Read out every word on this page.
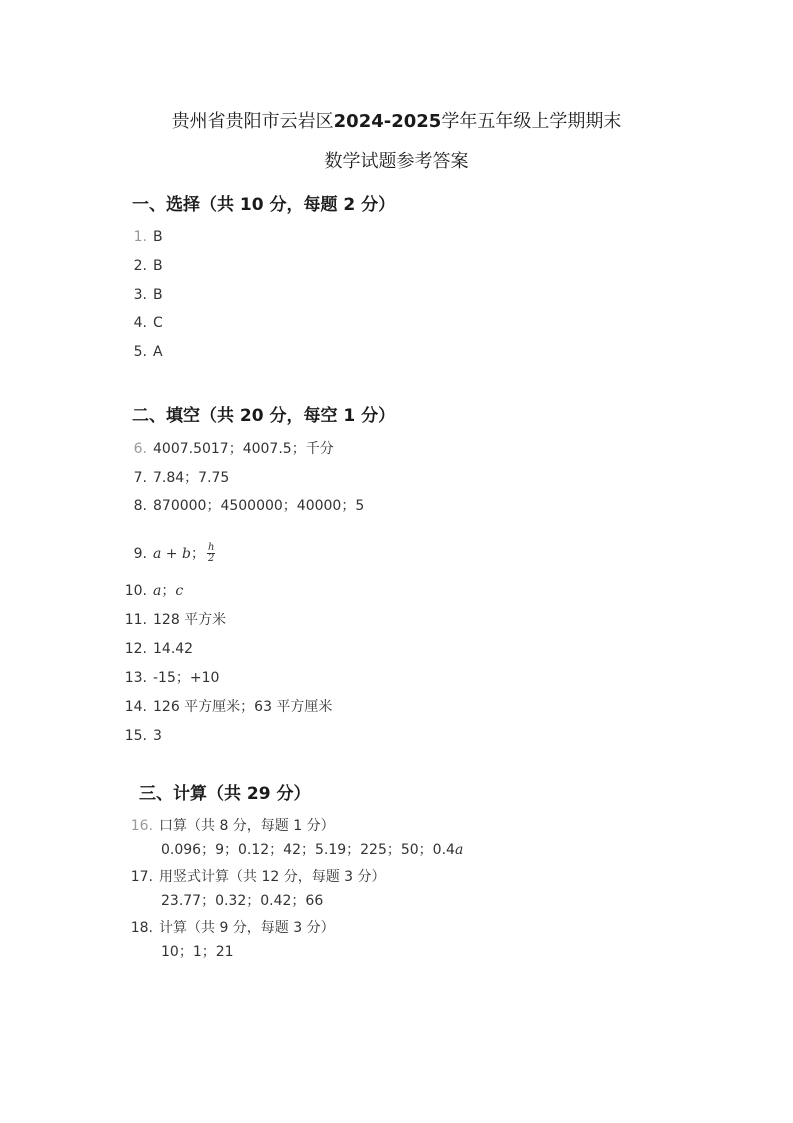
贵州省贵阳市云岩区2024-2025学年五年级上学期期末
数学试题参考答案
一、选择（共 10 分，每题 2 分）
1. B
2. B
3. B
4. C
5. A
二、填空（共 20 分，每空 1 分）
6. 4007.5017；4007.5；千分
7. 7.84；7.75
8. 870000；4500000；40000；5
9. a + b； $\frac{h}{2}$
10. a；c
11. 128 平方米
12. 14.42
13. -15；+10
14. 126 平方厘米；63 平方厘米
15. 3
三、计算（共 29 分）
16. 口算（共 8 分，每题 1 分）
0.096；9；0.12；42；5.19；225；50；0.4a
17. 用竖式计算（共 12 分，每题 3 分）
23.77；0.32；0.42；66
18. 计算（共 9 分，每题 3 分）
10；1；21
